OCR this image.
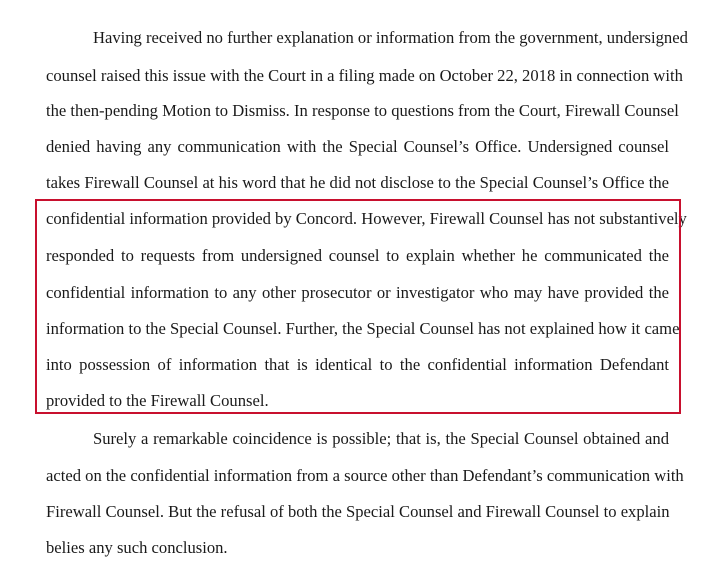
Having received no further explanation or information from the government, undersigned
counsel raised this issue with the Court in a filing made on October 22, 2018 in connection with
the then-pending Motion to Dismiss. In response to questions from the Court, Firewall Counsel
denied having any communication with the Special Counsel’s Office. Undersigned counsel
takes Firewall Counsel at his word that he did not disclose to the Special Counsel’s Office the
confidential information provided by Concord. However, Firewall Counsel has not substantively
responded to requests from undersigned counsel to explain whether he communicated the
confidential information to any other prosecutor or investigator who may have provided the
information to the Special Counsel. Further, the Special Counsel has not explained how it came
into possession of information that is identical to the confidential information Defendant
provided to the Firewall Counsel.
Surely a remarkable coincidence is possible; that is, the Special Counsel obtained and
acted on the confidential information from a source other than Defendant’s communication with
Firewall Counsel. But the refusal of both the Special Counsel and Firewall Counsel to explain
belies any such conclusion.
